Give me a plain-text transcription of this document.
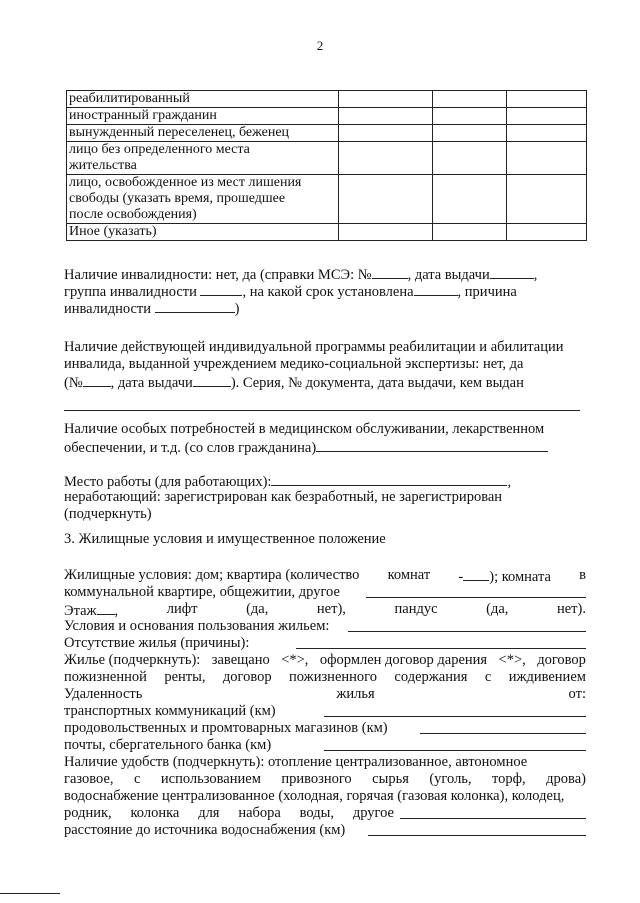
2
реабилитированный			
иностранный гражданин			
вынужденный переселенец, беженец			
лицо без определенного места
жительства			
лицо, освобожденное из мест лишения
свободы (указать время, прошедшее
после освобождения)			
Иное (указать)			
Наличие инвалидности: нет, да (справки МСЭ: № , дата выдачи	,
группа инвалидности	, на какой срок установлена	, причина
инвалидности	)
Наличие действующей индивидуальной программы реабилитации и абилитации
инвалида, выданной учреждением медико-социальной экспертизы: нет, да
(№ , дата выдачи	). Серия, № документа, дата выдачи, кем выдан
Наличие особых потребностей в медицинском обслуживании, лекарственном
обеспечении, и т.д. (со слов гражданина)
Место работы (для работающих):	,
неработающий: зарегистрирован как безработный, не зарегистрирован
(подчеркнуть)
3. Жилищные условия и имущественное положение
Жилищные условия: дом; квартира (количество комнат - ); комната в
коммунальной квартире, общежитии, другое
Этаж ,	лифт	(да,	нет),	пандус	(да,	нет).
Условия и основания пользования жильем:
Отсутствие жилья (причины):
Жилье (подчеркнуть): завещано <*>, оформлен договор дарения <*>, договор
пожизненной ренты, договор пожизненного содержания с иждивением
Удаленность	жилья	от:
транспортных коммуникаций (км)
продовольственных и промтоварных магазинов (км)
почты, сбергательного банка (км)
Наличие удобств (подчеркнуть): отопление централизованное, автономное
газовое, с использованием привозного сырья (уголь, торф, дрова)
водоснабжение централизованное (холодная, горячая (газовая колонка), колодец,
родник, колонка для набора воды, другое
расстояние до источника водоснабжения (км)
